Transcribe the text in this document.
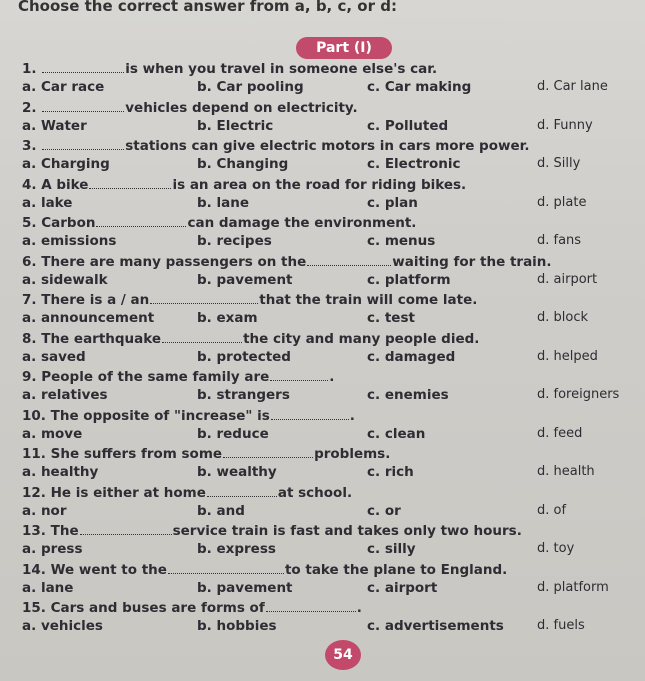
Choose the correct answer from a, b, c, or d:
Part (I)
1.	is when you travel in someone else's car.
a. Car race	b. Car pooling	c. Car making	d. Car lane
2.	vehicles depend on electricity.
a. Water	b. Electric	c. Polluted	d. Funny
3.	stations can give electric motors in cars more power.
a. Charging	b. Changing	c. Electronic	d. Silly
4. A bike	is an area on the road for riding bikes.
a. lake	b. lane	c. plan	d. plate
5. Carbon	can damage the environment.
a. emissions	b. recipes	c. menus	d. fans
6. There are many passengers on the	waiting for the train.
a. sidewalk	b. pavement	c. platform	d. airport
7. There is a / an	that the train will come late.
a. announcement	b. exam	c. test	d. block
8. The earthquake	the city and many people died.
a. saved	b. protected	c. damaged	d. helped
9. People of the same family are	.
a. relatives	b. strangers	c. enemies	d. foreigners
10. The opposite of "increase" is	.
a. move	b. reduce	c. clean	d. feed
11. She suffers from some	problems.
a. healthy	b. wealthy	c. rich	d. health
12. He is either at home	at school.
a. nor	b. and	c. or	d. of
13. The	service train is fast and takes only two hours.
a. press	b. express	c. silly	d. toy
14. We went to the	to take the plane to England.
a. lane	b. pavement	c. airport	d. platform
15. Cars and buses are forms of	.
a. vehicles	b. hobbies	c. advertisements	d. fuels
54
